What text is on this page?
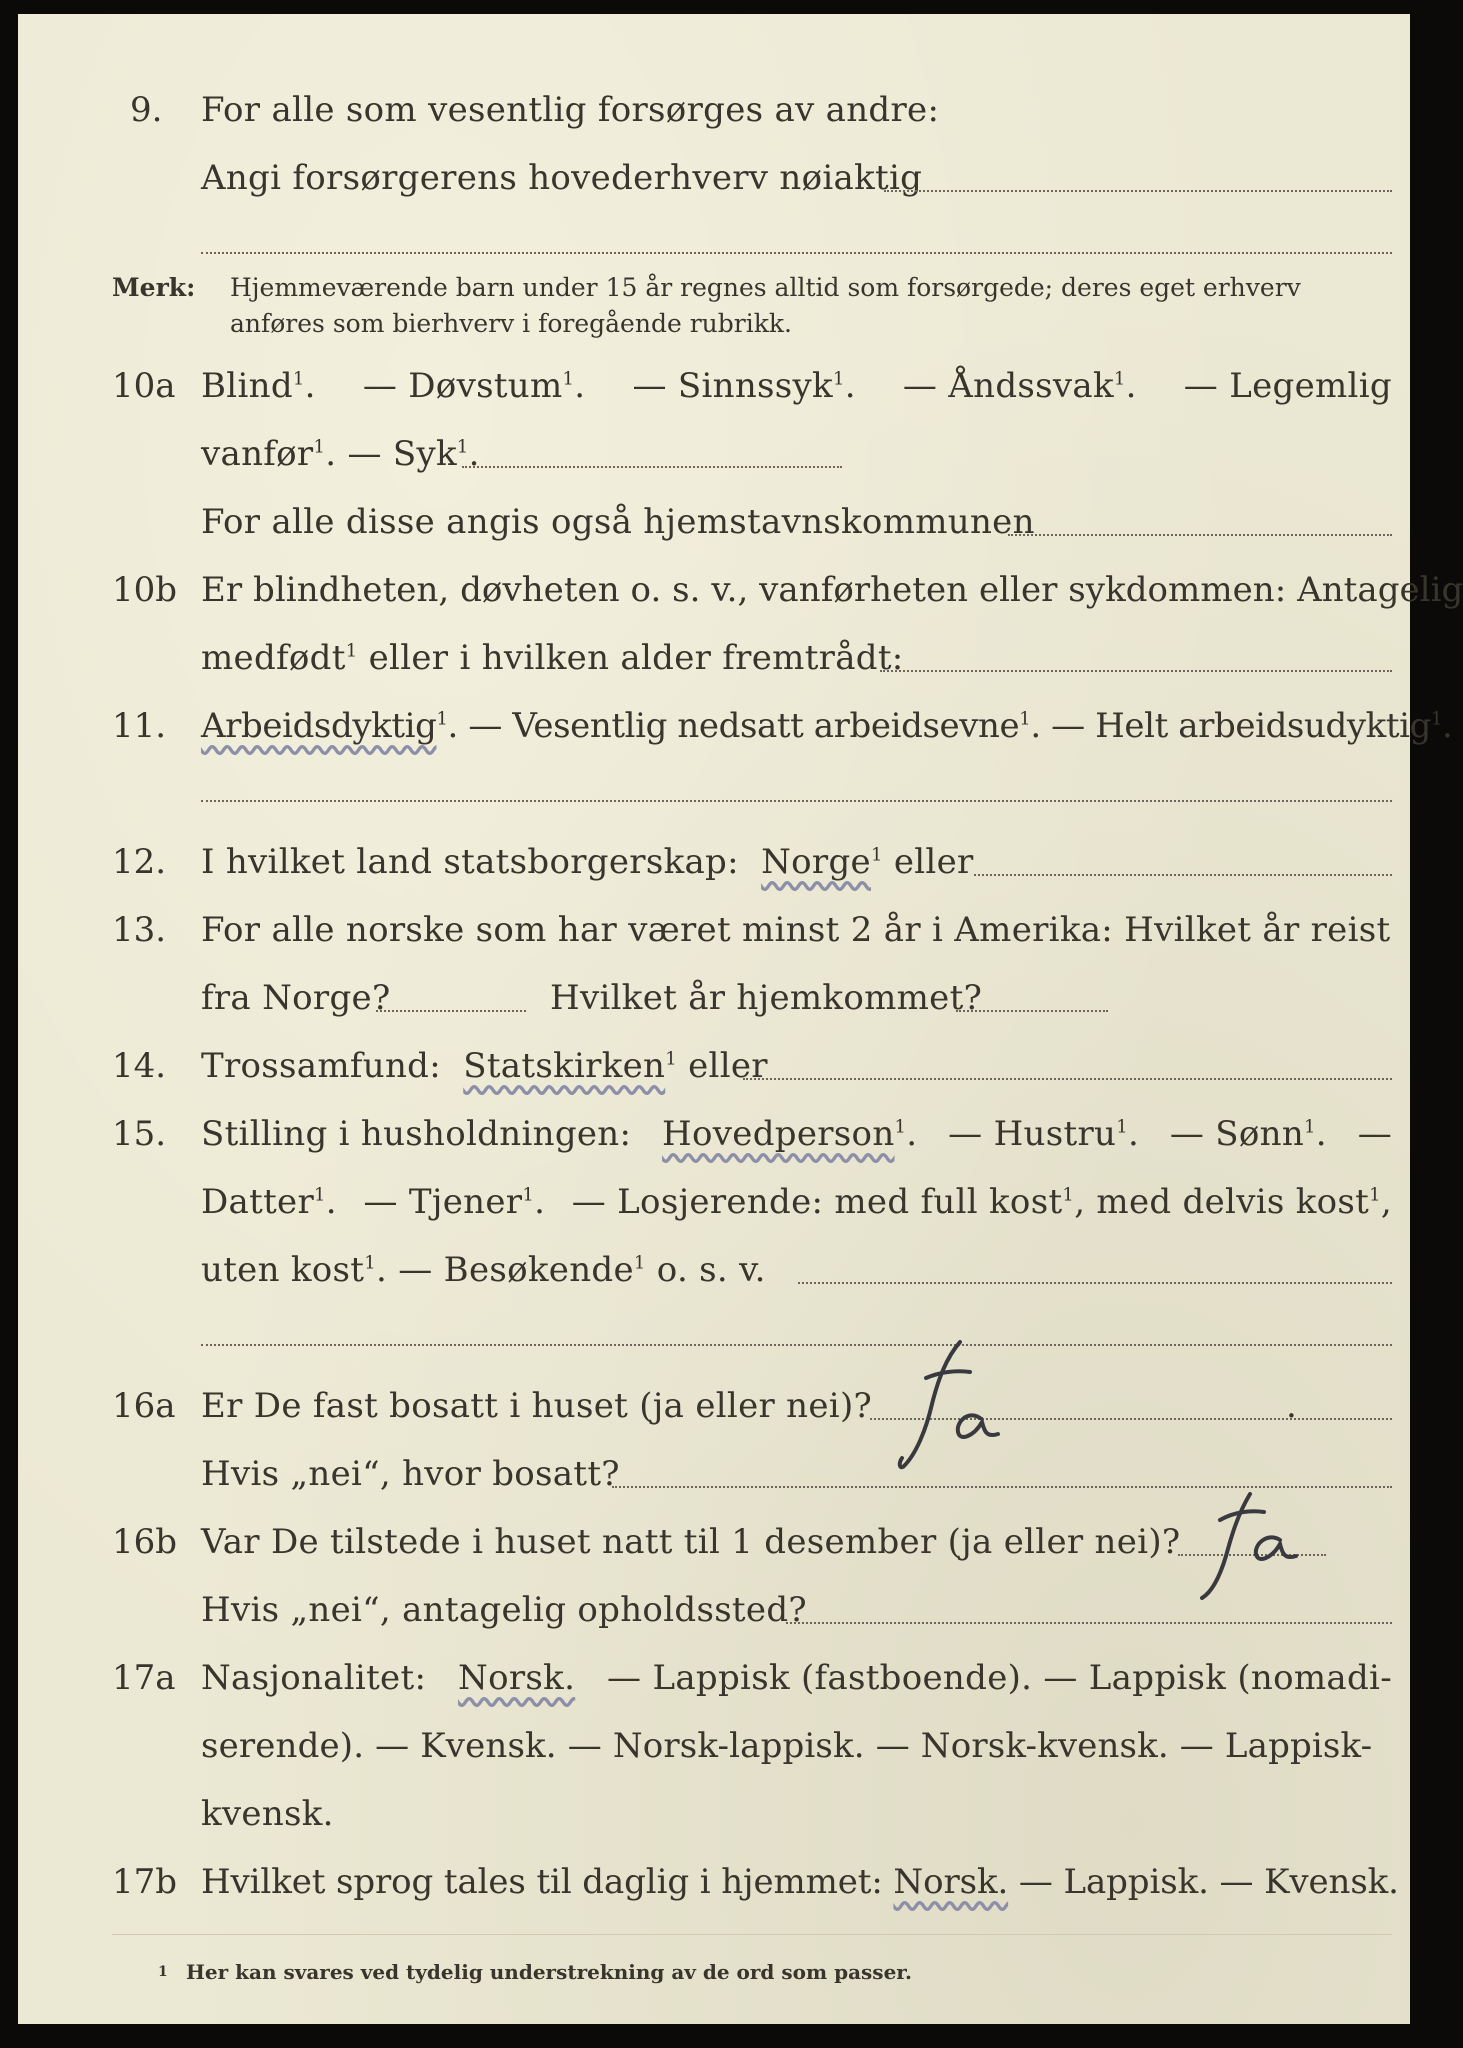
9. For alle som vesentlig forsørges av andre:
Angi forsørgerens hovederhverv nøiaktig
Merk: Hjemmeværende barn under 15 år regnes alltid som forsørgede; deres eget erhverv
anføres som bierhverv i foregående rubrikk.
10a Blind$^1$. — Døvstum$^1$. — Sinnssyk$^1$. — Åndssvak$^1$. — Legemlig
vanfør$^1$. — Syk$^1$.
For alle disse angis også hjemstavnskommunen
10b Er blindheten, døvheten o. s. v., vanførheten eller sykdommen: Antagelig
medfødt$^1$ eller i hvilken alder fremtrådt:
11. Arbeidsdyktig$^1$. — Vesentlig nedsatt arbeidsevne$^1$. — Helt arbeidsudyktig$^1$.
12. I hvilket land statsborgerskap: Norge$^1$ eller
13. For alle norske som har været minst 2 år i Amerika: Hvilket år reist
fra Norge?	Hvilket år hjemkommet?
14. Trossamfund: Statskirken$^1$ eller
15. Stilling i husholdningen: Hovedperson$^1$. — Hustru$^1$. — Sønn$^1$. —
Datter$^1$. — Tjener$^1$. — Losjerende: med full kost$^1$, med delvis kost$^1$,
uten kost$^1$. — Besøkende$^1$ o. s. v.
16a Er De fast bosatt i huset (ja eller nei)?
Ja
.
Hvis „nei“, hvor bosatt?
16b Var De tilstede i huset natt til 1 desember (ja eller nei)?
Hvis „nei“, antagelig opholdssted?
17a Nasjonalitet: Norsk. — Lappisk (fastboende). — Lappisk (nomadi-
serende). — Kvensk. — Norsk-lappisk. — Norsk-kvensk. — Lappisk-
kvensk.
17b Hvilket sprog tales til daglig i hjemmet: Norsk. — Lappisk. — Kvensk.
1 Her kan svares ved tydelig understrekning av de ord som passer.
